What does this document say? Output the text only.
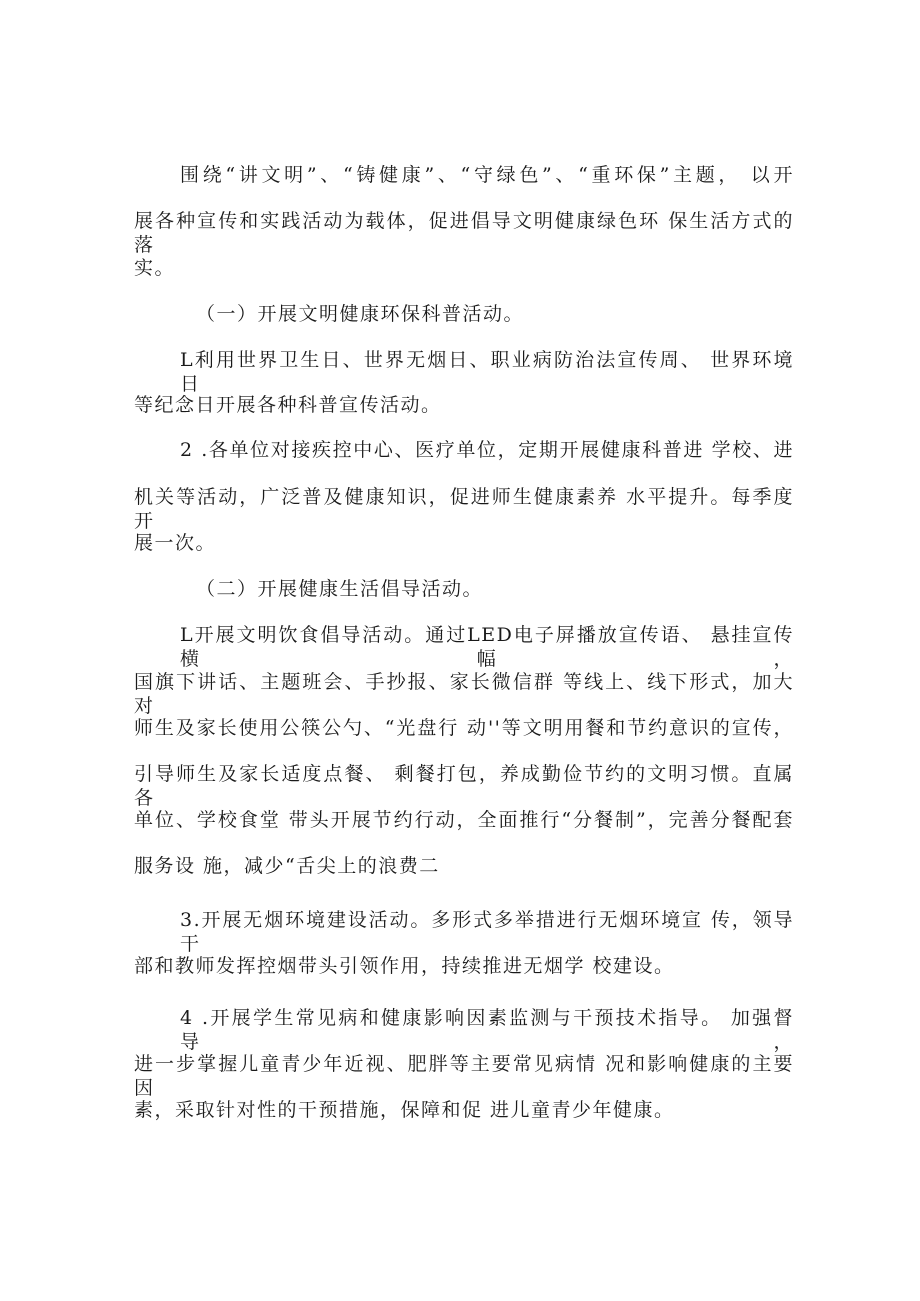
围绕“讲文明”、“铸健康”、“守绿色”、“重环保”主题， 以开
展各种宣传和实践活动为载体，促进倡导文明健康绿色环 保生活方式的落
实。
（一）开展文明健康环保科普活动。
L利用世界卫生日、世界无烟日、职业病防治法宣传周、 世界环境日
等纪念日开展各种科普宣传活动。
2 .各单位对接疾控中心、医疗单位，定期开展健康科普进 学校、进
机关等活动，广泛普及健康知识，促进师生健康素养 水平提升。每季度开
展一次。
（二）开展健康生活倡导活动。
L开展文明饮食倡导活动。通过LED电子屏播放宣传语、 悬挂宣传横幅，
国旗下讲话、主题班会、手抄报、家长微信群 等线上、线下形式，加大对
师生及家长使用公筷公勺、“光盘行 动''等文明用餐和节约意识的宣传，
引导师生及家长适度点餐、 剩餐打包，养成勤俭节约的文明习惯。直属各
单位、学校食堂 带头开展节约行动，全面推行“分餐制”，完善分餐配套
服务设 施，减少“舌尖上的浪费二
3.开展无烟环境建设活动。多形式多举措进行无烟环境宣 传，领导干
部和教师发挥控烟带头引领作用，持续推进无烟学 校建设。
4 .开展学生常见病和健康影响因素监测与干预技术指导。 加强督导，
进一步掌握儿童青少年近视、肥胖等主要常见病情 况和影响健康的主要因
素，采取针对性的干预措施，保障和促 进儿童青少年健康。
